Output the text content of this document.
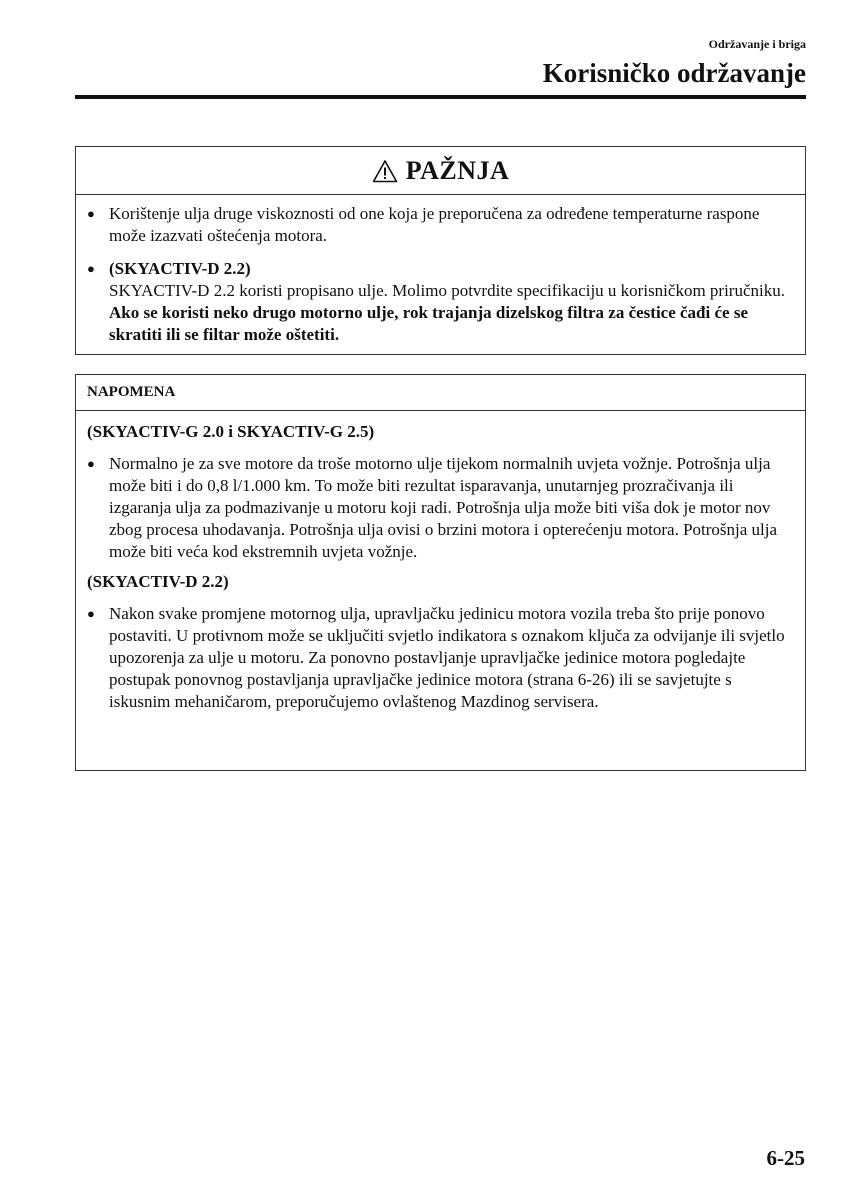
Održavanje i briga
Korisničko održavanje
PAŽNJA
● Korištenje ulja druge viskoznosti od one koja je preporučena za određene temperaturne raspone može izazvati oštećenja motora.
● (SKYACTIV-D 2.2)
SKYACTIV-D 2.2 koristi propisano ulje. Molimo potvrdite specifikaciju u korisničkom priručniku. Ako se koristi neko drugo motorno ulje, rok trajanja dizelskog filtra za čestice čađi će se skratiti ili se filtar može oštetiti.
NAPOMENA
(SKYACTIV-G 2.0 i SKYACTIV-G 2.5)
● Normalno je za sve motore da troše motorno ulje tijekom normalnih uvjeta vožnje. Potrošnja ulja može biti i do 0,8 l/1.000 km. To može biti rezultat isparavanja, unutarnjeg prozračivanja ili izgaranja ulja za podmazivanje u motoru koji radi. Potrošnja ulja može biti viša dok je motor nov zbog procesa uhodavanja. Potrošnja ulja ovisi o brzini motora i opterećenju motora. Potrošnja ulja može biti veća kod ekstremnih uvjeta vožnje.
(SKYACTIV-D 2.2)
● Nakon svake promjene motornog ulja, upravljačku jedinicu motora vozila treba što prije ponovo postaviti. U protivnom može se uključiti svjetlo indikatora s oznakom ključa za odvijanje ili svjetlo upozorenja za ulje u motoru. Za ponovno postavljanje upravljačke jedinice motora pogledajte postupak ponovnog postavljanja upravljačke jedinice motora (strana 6-26) ili se savjetujte s iskusnim mehaničarom, preporučujemo ovlaštenog Mazdinog servisera.
6-25
